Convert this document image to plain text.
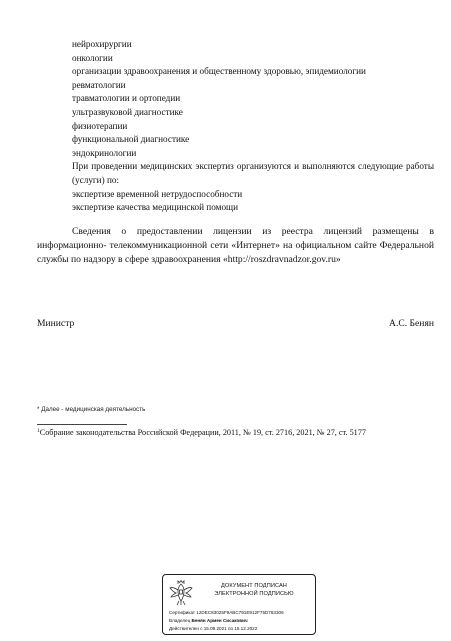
нейрохирургии
онкологии
организации здравоохранения и общественному здоровью, эпидемиологии
ревматологии
травматологии и ортопедии
ультразвуковой диагностике
физиотерапии
функциональной диагностике
эндокринологии
При проведении медицинских экспертиз организуются и выполняются следующие работы (услуги) по:
экспертизе временной нетрудоспособности
экспертизе качества медицинской помощи
Сведения о предоставлении лицензии из реестра лицензий размещены в информационно- телекоммуникационной сети «Интернет» на официальном сайте Федеральной службы по надзору в сфере здравоохранения «http://roszdravnadzor.gov.ru»
Министр	А.С. Бенян
* Далее - медицинская деятельность
$^1$Собрание законодательства Российской Федерации, 2011, № 19, ст. 2716, 2021, № 27, ст. 5177
ДОКУМЕНТ ПОДПИСАН
ЭЛЕКТРОННОЙ ПОДПИСЬЮ
Сертификат 12DEC83025F9ABC791E912F75D763306
Владелец Бенян Армен Сисакович
Действителен с 15.09.2021 по 15.12.2022
